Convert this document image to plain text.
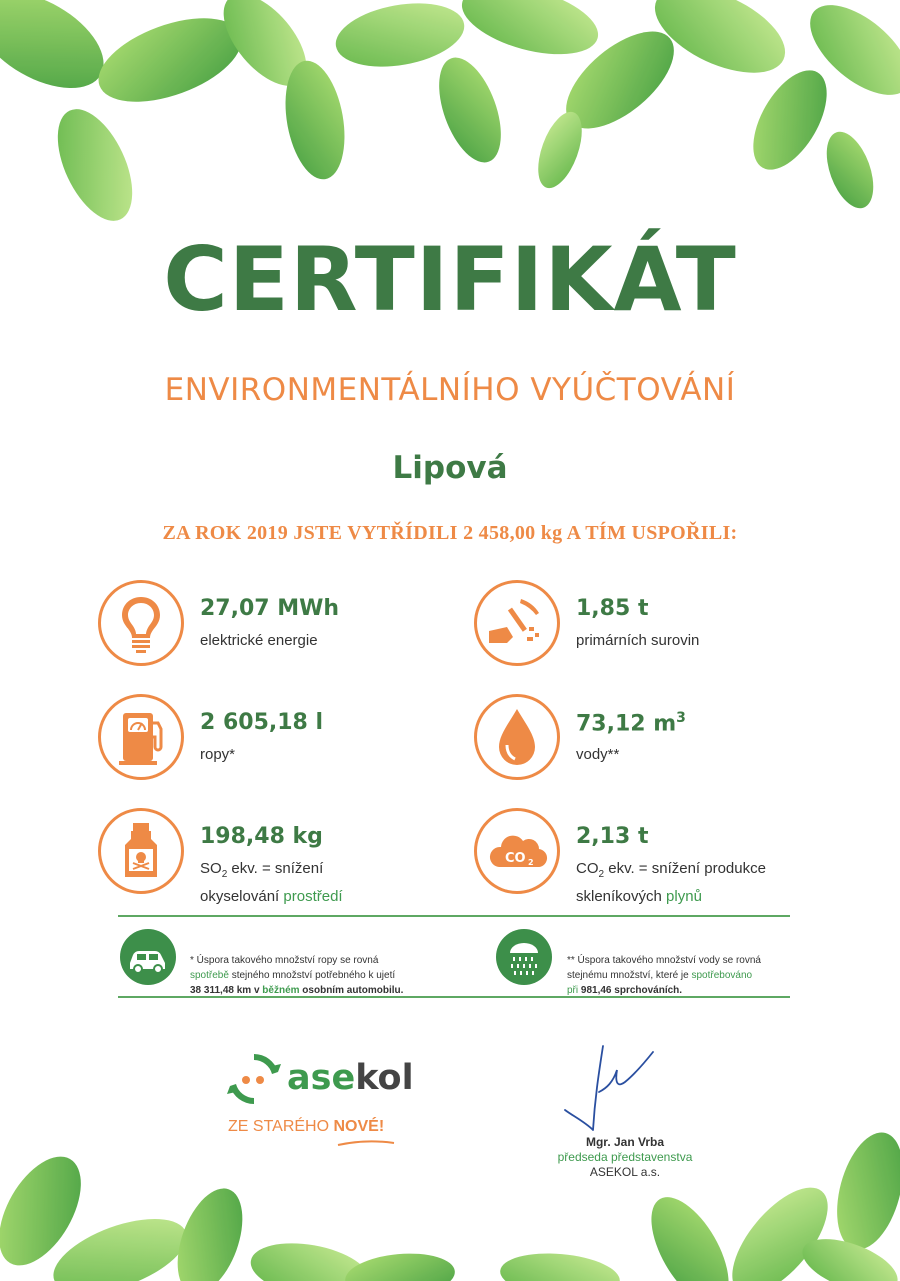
CERTIFIKÁT
ENVIRONMENTÁLNÍHO VYÚČTOVÁNÍ
Lipová
ZA ROK 2019 JSTE VYTŘÍDILI 2 458,00 kg A TÍM USPOŘILI:
27,07 MWh
elektrické energie
1,85 t
primárních surovin
2 605,18 l
ropy*
73,12 $m^3$
vody**
198,48 kg
$SO_2$ ekv. = snížení
okyselování prostředí
CO 2
2,13 t
$CO_2$ ekv. = snížení produkce
skleníkových plynů
* Úspora takového množství ropy se rovná
spotřebě stejného množství potřebného k ujetí
38 311,48 km v běžném osobním automobilu.
** Úspora takového množství vody se rovná
stejnému množství, které je spotřebováno
při 981,46 sprchováních.
asekol
ZE STARÉHO NOVÉ!
Mgr. Jan Vrba
předseda představenstva
ASEKOL a.s.
